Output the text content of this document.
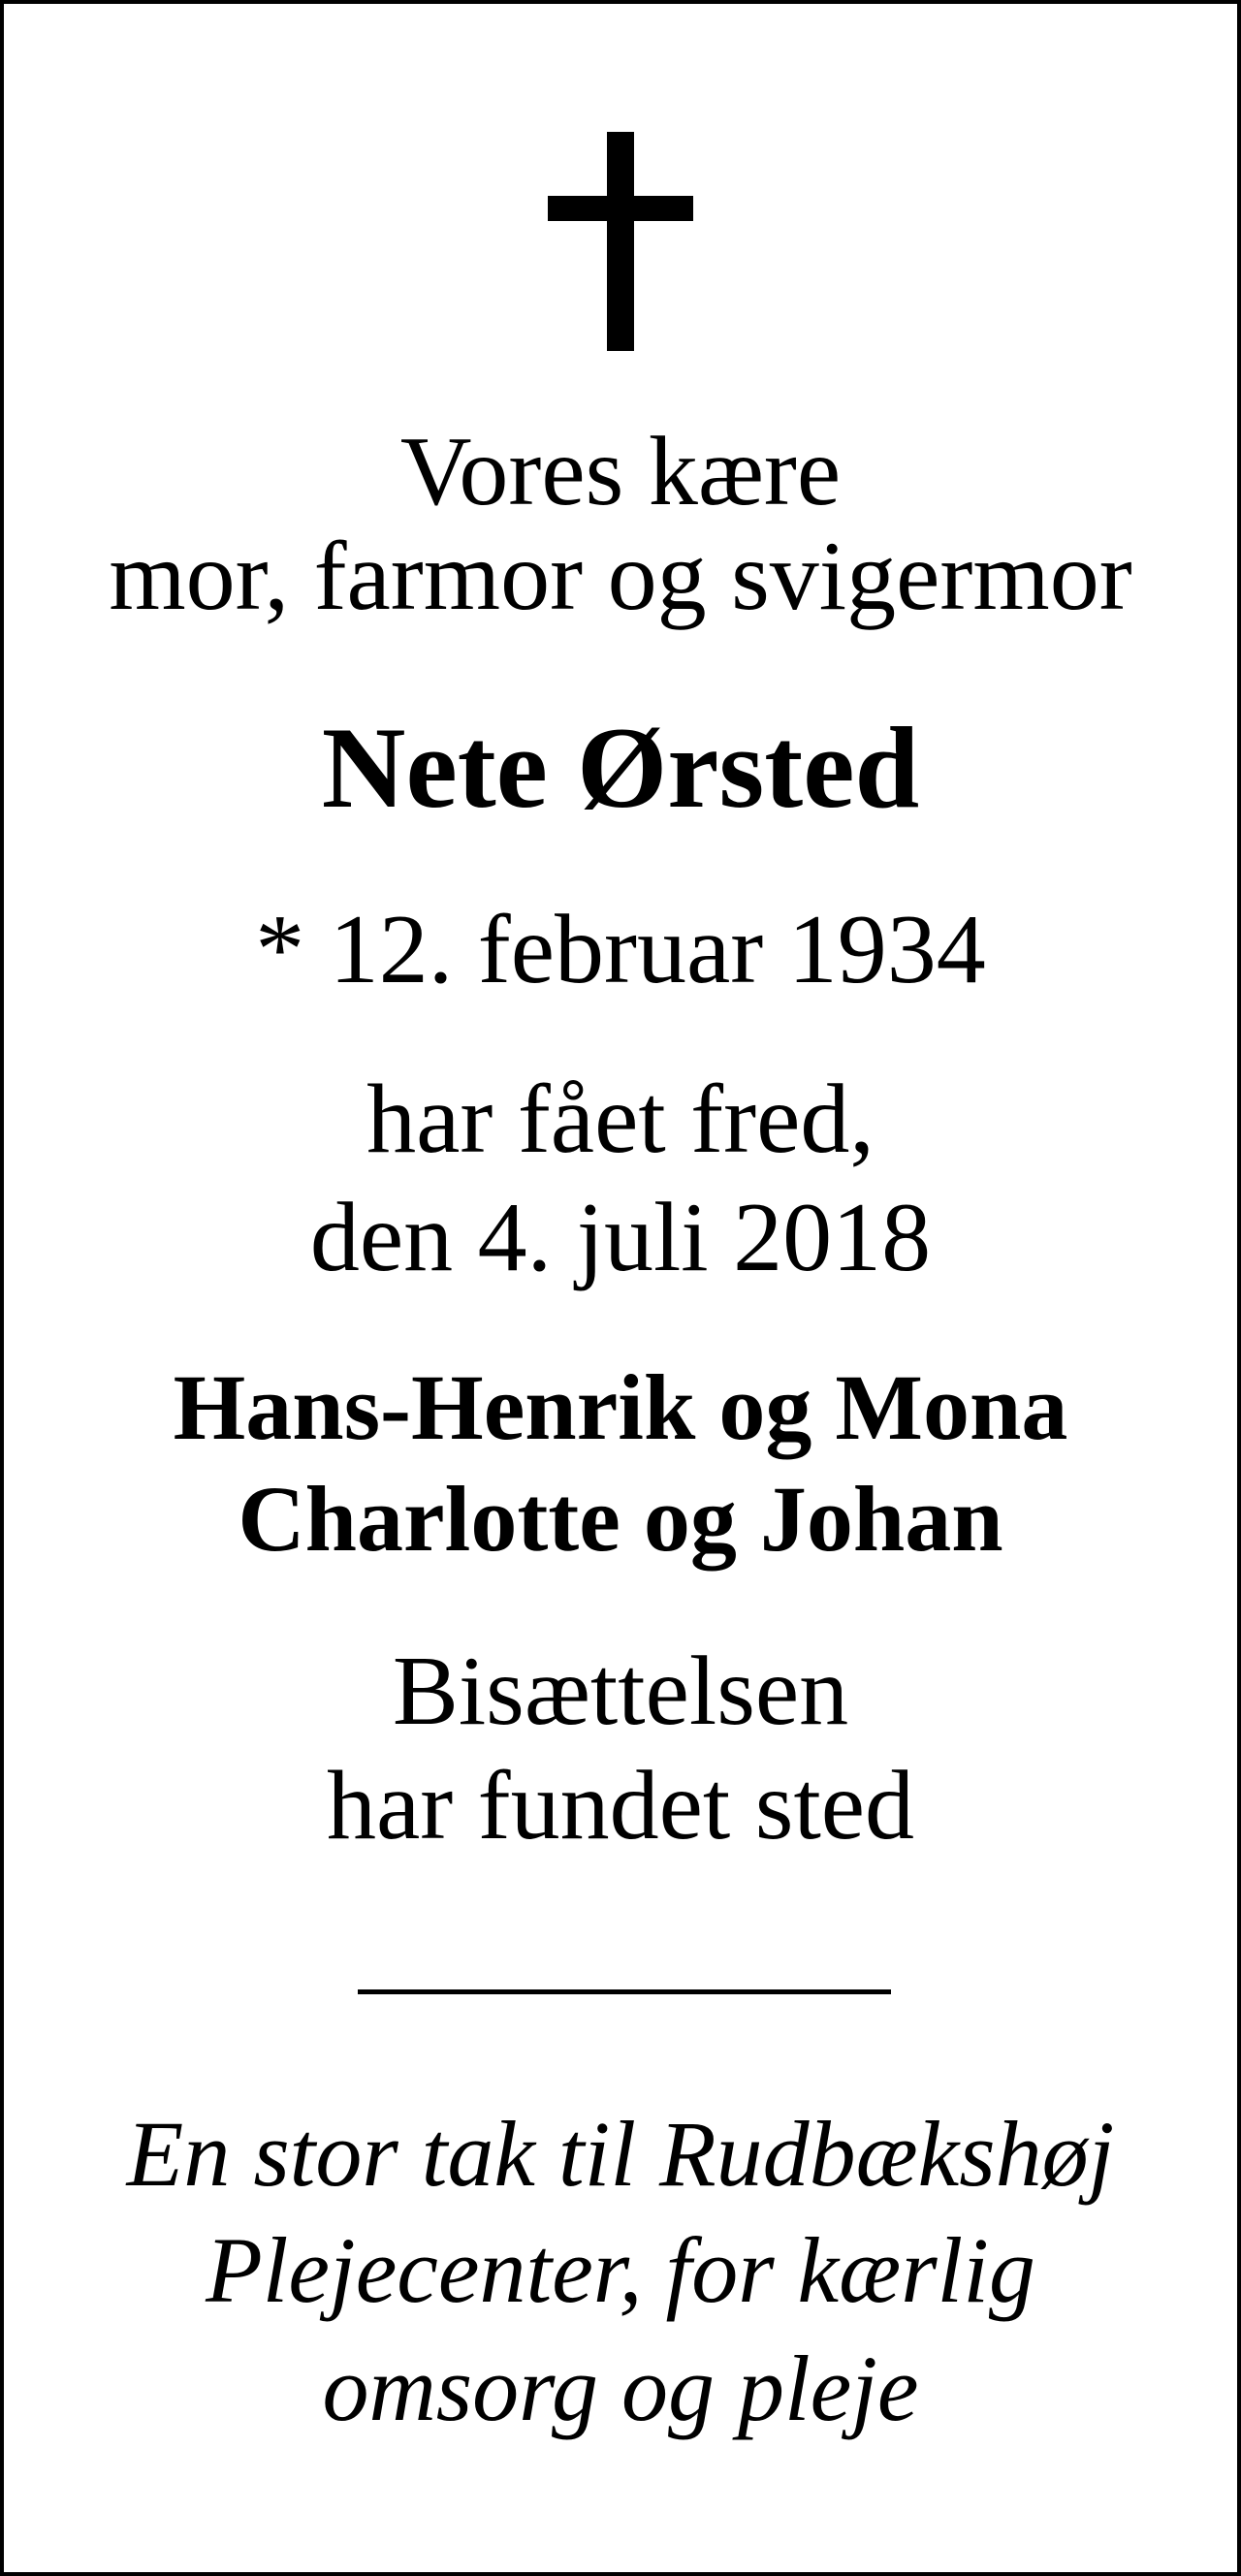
Vores kære
mor, farmor og svigermor
Nete Ørsted
* 12. februar 1934
har fået fred,
den 4. juli 2018
Hans-Henrik og Mona
Charlotte og Johan
Bisættelsen
har fundet sted
En stor tak til Rudbækshøj
Plejecenter, for kærlig
omsorg og pleje
